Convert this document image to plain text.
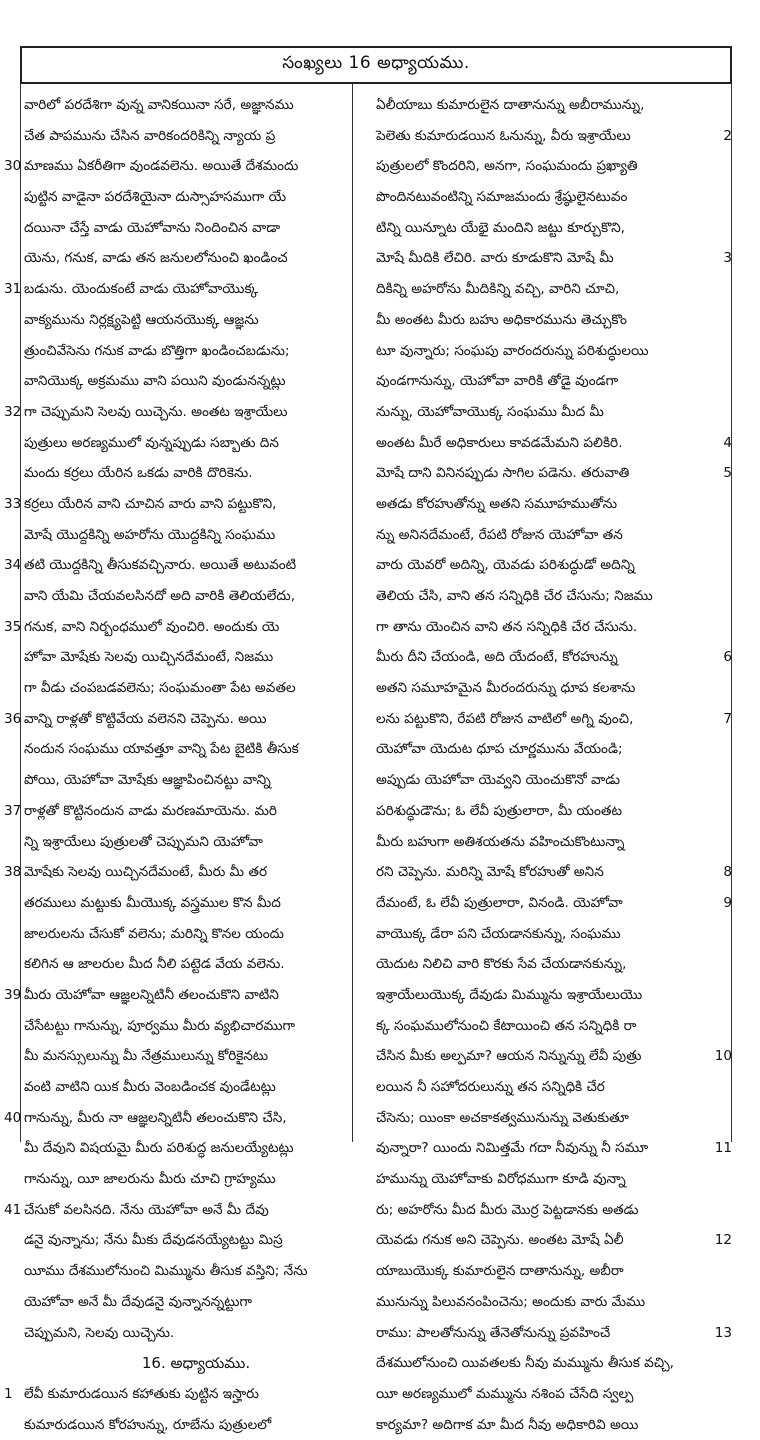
సంఖ్యలు 16 అధ్యాయము.
వారిలో పరదేశిగా వున్న వానికయినా సరే, అజ్ఞానము
చేత పాపమును చేసిన వారికందరికిన్ని న్యాయ ప్ర
30 మాణము ఏకరీతిగా వుండవలెను. అయితే దేశమందు
పుట్టిన వాడైనా పరదేశియైనా దుస్సాహసముగా యే
దయినా చేస్తే వాడు యెహోవాను నిందించిన వాడా
యెను, గనుక, వాడు తన జనులలోనుంచి ఖండించ
31 బడును. యెందుకంటే వాడు యెహోవాయొక్క
వాక్యమును నిర్లక్ష్యపెట్టి ఆయనయొక్క ఆజ్ఞను
త్రుంచివేసెను గనుక వాడు బొత్తిగా ఖండించబడును;
వానియొక్క అక్రమము వాని పయిని వుండునన్నట్లు
32 గా చెప్పుమని సెలవు యిచ్చెను. అంతట ఇశ్రాయేలు
పుత్రులు అరణ్యములో వున్నప్పుడు సబ్బాతు దిన
మందు కర్రలు యేరిన ఒకడు వారికి దొరికెను.
33 కర్రలు యేరిన వాని చూచిన వారు వాని పట్టుకొని,
మోషే యొద్దకిన్ని అహరోను యొద్దకిన్ని సంఘము
34 తటి యొద్దకిన్ని తీసుకవచ్చినారు. అయితే అటువంటి
వాని యేమి చేయవలసినదో అది వారికి తెలియలేదు,
35 గనుక, వాని నిర్బంధములో వుంచిరి. అందుకు యె
హోవా మోషేకు సెలవు యిచ్చినదేమంటే, నిజము
గా వీడు చంపబడవలెను; సంఘమంతా పేట అవతల
36 వాన్ని రాళ్లతో కొట్టివేయ వలెనని చెప్పెను. అయి
నందున సంఘము యావత్తూ వాన్ని పేట బైటికి తీసుక
పోయి, యెహోవా మోషేకు ఆజ్ఞాపించినట్టు వాన్ని
37 రాళ్లతో కొట్టినందున వాడు మరణమాయెను. మరి
న్ని ఇశ్రాయేలు పుత్రులతో చెప్పుమని యెహోవా
38 మోషేకు సెలవు యిచ్చినదేమంటే, మీరు మీ తర
తరములు మట్టుకు మీయొక్క వస్త్రముల కొన మీద
జాలరులను చేసుకో వలెను; మరిన్ని కొనల యందు
కలిగిన ఆ జాలరుల మీద నీలి పట్టెడ వేయ వలెను.
39 మీరు యెహోవా ఆజ్ఞలన్నిటినీ తలంచుకొని వాటిని
చేసేటట్టు గానున్ను, పూర్వము మీరు వ్యభిచారముగా
మీ మనస్సులున్ను మీ నేత్రములున్ను కోరికైనటు
వంటి వాటిని యిక మీరు వెంబడించక వుండేటట్లు
40 గానున్ను, మీరు నా ఆజ్ఞలన్నిటినీ తలంచుకొని చేసి,
మీ దేవుని విషయమై మీరు పరిశుద్ధ జనులయ్యేటట్లు
గానున్ను, యీ జాలరును మీరు చూచి గ్రాహ్యము
41 చేసుకో వలసినది. నేను యెహోవా అనే మీ దేవు
డనై వున్నాను; నేను మీకు దేవుడనయ్యేటట్టు మిస్ర
యీము దేశములోనుంచి మిమ్మును తీసుక వస్తిని; నేను
యెహోవా అనే మీ దేవుడనై వున్నానన్నట్టుగా
చెప్పుమని, సెలవు యిచ్చెను.
16. అధ్యాయము.
1 లేవీ కుమారుడయిన కహాతుకు పుట్టిన ఇస్హారు
కుమారుడయిన కోరహున్ను, రూబేను పుత్రులలో
ఏలీయాబు కుమారులైన దాతానున్ను అబీరామున్ను,
2
పెలెతు కుమారుడయిన ఓనున్ను, వీరు ఇశ్రాయేలు
పుత్రులలో కొందరిని, అనగా, సంఘమందు ప్రఖ్యాతి
పొందినటువంటిన్ని సమాజమందు శ్రేష్ఠులైనటువం
టిన్ని యిన్నూట యేభై మందిని జట్టు కూర్చుకొని,
3
మోషే మీదికి లేచిరి. వారు కూడుకొని మోషే మీ
దికిన్ని అహరోను మీదికిన్ని వచ్చి, వారిని చూచి,
మీ అంతట మీరు బహు అధికారమును తెచ్చుకొం
టూ వున్నారు; సంఘపు వారందరున్ను పరిశుద్ధులయి
వుండగానున్ను, యెహోవా వారికి తోడై వుండగా
నున్ను, యెహోవాయొక్క సంఘము మీద మీ
4
అంతట మీరే అధికారులు కావడమేమని పలికిరి.
5
మోషే దాని వినినప్పుడు సాగిల పడెను. తరువాతి
అతడు కోరహుతోన్ను అతని సమూహముతోను
న్ను అనినదేమంటే, రేపటి రోజున యెహోవా తన
వారు యెవరో అదిన్ని, యెవడు పరిశుద్ధుడో అదిన్ని
తెలియ చేసి, వాని తన సన్నిధికి చేర చేసును; నిజము
గా తాను యెంచిన వాని తన సన్నిధికి చేర చేసును.
6
మీరు దీని చేయండి, అది యేదంటే, కోరహున్ను
అతని సమూహమైన మీరందరున్ను ధూప కలశాను
7
లను పట్టుకొని, రేపటి రోజున వాటిలో అగ్ని వుంచి,
యెహోవా యెదుట ధూప చూర్ణమును వేయండి;
అప్పుడు యెహోవా యెవ్వని యెంచుకొనో వాడు
పరిశుద్ధుడౌను; ఓ లేవీ పుత్రులారా, మీ యంతట
మీరు బహుగా అతిశయతను వహించుకొంటున్నా
8
రని చెప్పెను. మరిన్ని మోషే కోరహుతో అనిన
9
దేమంటే, ఓ లేవీ పుత్రులారా, వినండి. యెహోవా
వాయొక్క డేరా పని చేయడానకున్ను, సంఘము
యెదుట నిలిచి వారి కొరకు సేవ చేయడానకున్ను,
ఇశ్రాయేలుయొక్క దేవుడు మిమ్మును ఇశ్రాయేలుయొ
క్క సంఘములోనుంచి కేటాయించి తన సన్నిధికి రా
10
చేసిన మీకు అల్పమా? ఆయన నిన్నున్ను లేవీ పుత్రు
లయిన నీ సహోదరులున్ను తన సన్నిధికి చేర
చేసెను; యింకా అచకాకత్వమునున్ను వెతుకుతూ
11
వున్నారా? యిందు నిమిత్తమే గదా నీవున్ను నీ సమూ
హమున్ను యెహోవాకు విరోధముగా కూడి వున్నా
రు; అహరోను మీద మీరు మొర్ర పెట్టడానకు అతడు
12
యెవడు గనుక అని చెప్పెను. అంతట మోషే ఏలీ
యాబుయొక్క కుమారులైన దాతానున్ను, అబీరా
మునున్ను పిలువనంపించెను; అందుకు వారు మేము
13
రాము: పాలతోనున్ను తేనెతోనున్ను ప్రవహించే
దేశములోనుంచి యివతలకు నీవు మమ్మును తీసుక వచ్చి,
యీ అరణ్యములో మమ్మును నశింప చేసేది స్వల్ప
కార్యమా? అదిగాక మా మీద నీవు అధికారివి అయి
